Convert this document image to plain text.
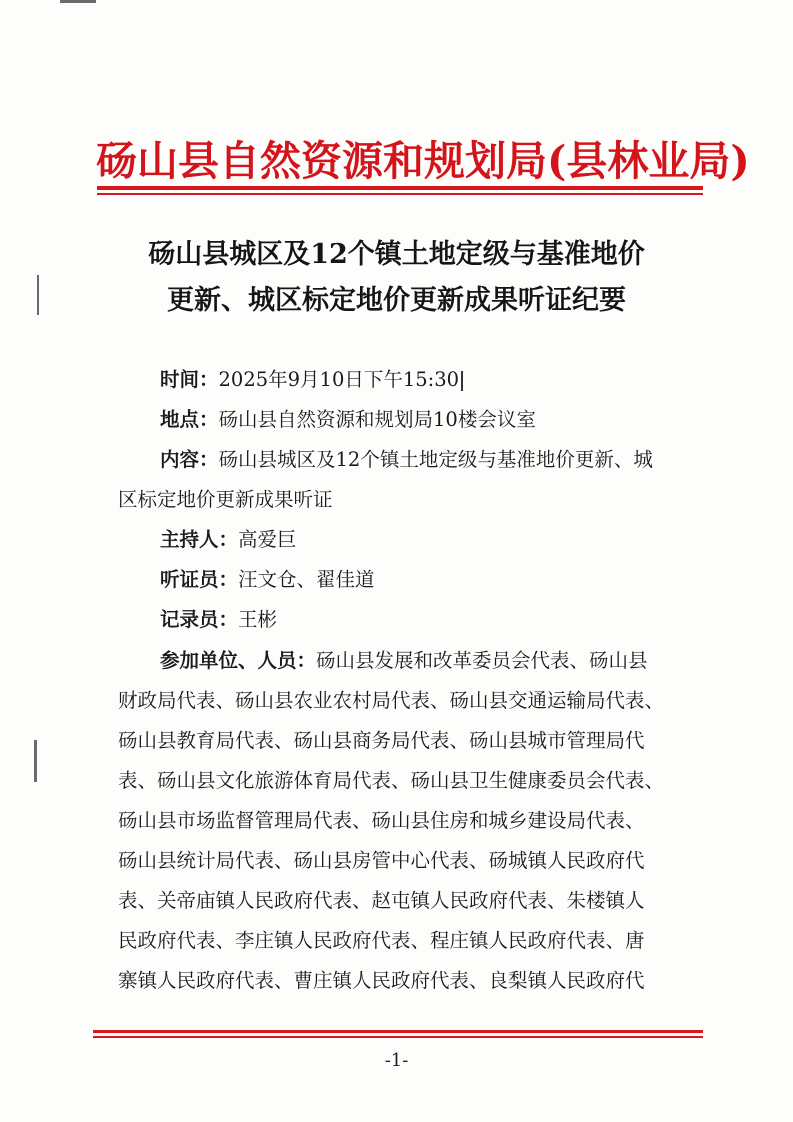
砀山县自然资源和规划局(县林业局)
砀山县城区及12个镇土地定级与基准地价
更新、城区标定地价更新成果听证纪要
时间：2025年9月10日下午15:30
地点：砀山县自然资源和规划局10楼会议室
内容：砀山县城区及12个镇土地定级与基准地价更新、城
区标定地价更新成果听证
主持人：高爱巨
听证员：汪文仓、翟佳道
记录员：王彬
参加单位、人员：砀山县发展和改革委员会代表、砀山县
财政局代表、砀山县农业农村局代表、砀山县交通运输局代表、
砀山县教育局代表、砀山县商务局代表、砀山县城市管理局代
表、砀山县文化旅游体育局代表、砀山县卫生健康委员会代表、
砀山县市场监督管理局代表、砀山县住房和城乡建设局代表、
砀山县统计局代表、砀山县房管中心代表、砀城镇人民政府代
表、关帝庙镇人民政府代表、赵屯镇人民政府代表、朱楼镇人
民政府代表、李庄镇人民政府代表、程庄镇人民政府代表、唐
寨镇人民政府代表、曹庄镇人民政府代表、良梨镇人民政府代
-1-
